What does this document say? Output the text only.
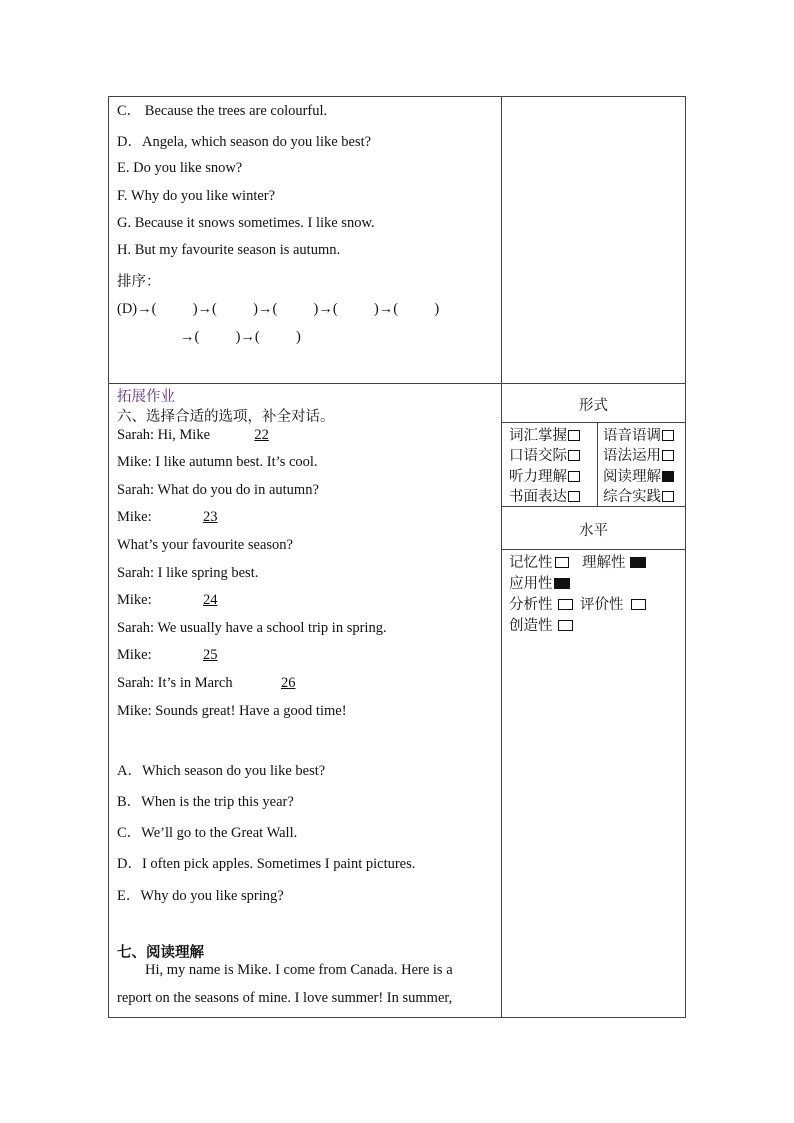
C． Because the trees are colourful.
D．Angela, which season do you like best?
E. Do you like snow?
F. Why do you like winter?
G. Because it snows sometimes. I like snow.
H. But my favourite season is autumn.
排序：
(D)→(          )→(          )→(          )→(          )→(          )
→(          )→(          )
拓展作业
六、选择合适的选项，补全对话。
Sarah: Hi, Mike	22
Mike: I like autumn best. It’s cool.
Sarah: What do you do in autumn?
Mike:	23
What’s your favourite season?
Sarah: I like spring best.
Mike:	24
Sarah: We usually have a school trip in spring.
Mike:	25
Sarah: It’s in March	26
Mike: Sounds great! Have a good time!
A．Which season do you like best?
B．When is the trip this year?
C．We’ll go to the Great Wall.
D．I often pick apples. Sometimes I paint pictures.
E．Why do you like spring?
七、阅读理解
Hi, my name is Mike. I come from Canada. Here is a
report on the seasons of mine. I love summer! In summer,
形式
词汇掌握	语音语调
口语交际	语法运用
听力理解	阅读理解
书面表达	综合实践
水平
记忆性	理解性
应用性
分析性	评价性
创造性
